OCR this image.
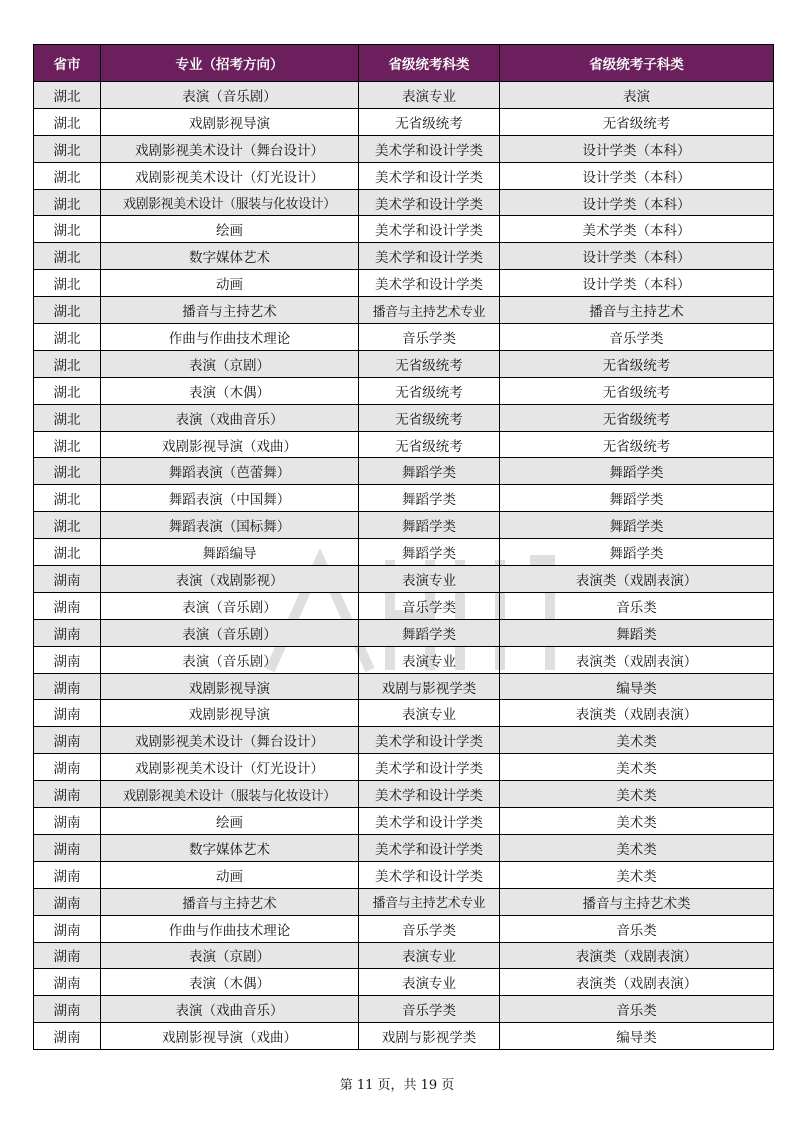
省市	专业（招考方向）	省级统考科类	省级统考子科类
湖北	表演（音乐剧）	表演专业	表演
湖北	戏剧影视导演	无省级统考	无省级统考
湖北	戏剧影视美术设计（舞台设计）	美术学和设计学类	设计学类（本科）
湖北	戏剧影视美术设计（灯光设计）	美术学和设计学类	设计学类（本科）
湖北	戏剧影视美术设计（服装与化妆设计）	美术学和设计学类	设计学类（本科）
湖北	绘画	美术学和设计学类	美术学类（本科）
湖北	数字媒体艺术	美术学和设计学类	设计学类（本科）
湖北	动画	美术学和设计学类	设计学类（本科）
湖北	播音与主持艺术	播音与主持艺术专业	播音与主持艺术
湖北	作曲与作曲技术理论	音乐学类	音乐学类
湖北	表演（京剧）	无省级统考	无省级统考
湖北	表演（木偶）	无省级统考	无省级统考
湖北	表演（戏曲音乐）	无省级统考	无省级统考
湖北	戏剧影视导演（戏曲）	无省级统考	无省级统考
湖北	舞蹈表演（芭蕾舞）	舞蹈学类	舞蹈学类
湖北	舞蹈表演（中国舞）	舞蹈学类	舞蹈学类
湖北	舞蹈表演（国标舞）	舞蹈学类	舞蹈学类
湖北	舞蹈编导	舞蹈学类	舞蹈学类
湖南	表演（戏剧影视）	表演专业	表演类（戏剧表演）
湖南	表演（音乐剧）	音乐学类	音乐类
湖南	表演（音乐剧）	舞蹈学类	舞蹈类
湖南	表演（音乐剧）	表演专业	表演类（戏剧表演）
湖南	戏剧影视导演	戏剧与影视学类	编导类
湖南	戏剧影视导演	表演专业	表演类（戏剧表演）
湖南	戏剧影视美术设计（舞台设计）	美术学和设计学类	美术类
湖南	戏剧影视美术设计（灯光设计）	美术学和设计学类	美术类
湖南	戏剧影视美术设计（服装与化妆设计）	美术学和设计学类	美术类
湖南	绘画	美术学和设计学类	美术类
湖南	数字媒体艺术	美术学和设计学类	美术类
湖南	动画	美术学和设计学类	美术类
湖南	播音与主持艺术	播音与主持艺术专业	播音与主持艺术类
湖南	作曲与作曲技术理论	音乐学类	音乐类
湖南	表演（京剧）	表演专业	表演类（戏剧表演）
湖南	表演（木偶）	表演专业	表演类（戏剧表演）
湖南	表演（戏曲音乐）	音乐学类	音乐类
湖南	戏剧影视导演（戏曲）	戏剧与影视学类	编导类
第 11 页，共 19 页
